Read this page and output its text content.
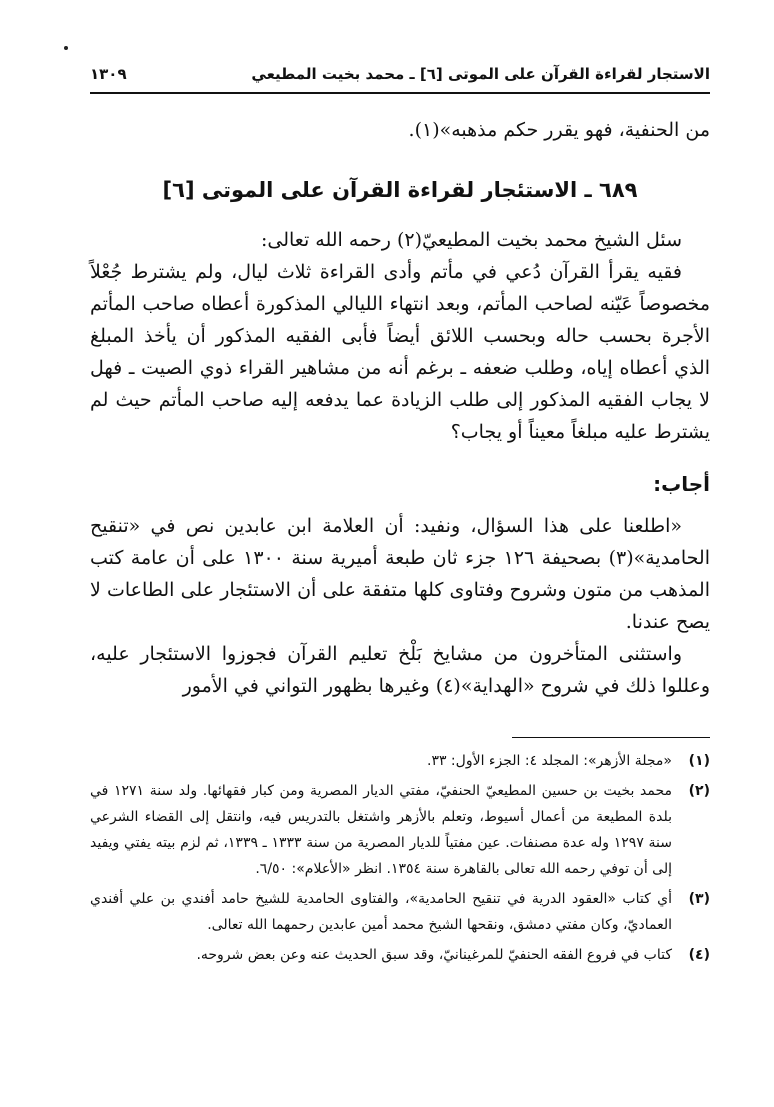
الاستجار لقراءة القرآن على الموتى [٦] ـ محمد بخيت المطيعي
١٣٠٩

من الحنفية، فهو يقرر حكم مذهبه»(١).

٦٨٩ ـ الاستئجار لقراءة القرآن على الموتى [٦]

سئل الشيخ محمد بخيت المطيعيّ(٢) رحمه الله تعالى:

فقيه يقرأ القرآن دُعي في مأتم وأدى القراءة ثلاث ليال، ولم يشترط جُعْلاً مخصوصاً عَيّنه لصاحب المأتم، وبعد انتهاء الليالي المذكورة أعطاه صاحب المأتم الأجرة بحسب حاله وبحسب اللائق أيضاً فأبى الفقيه المذكور أن يأخذ المبلغ الذي أعطاه إياه، وطلب ضعفه ـ برغم أنه من مشاهير القراء ذوي الصيت ـ فهل لا يجاب الفقيه المذكور إلى طلب الزيادة عما يدفعه إليه صاحب المأتم حيث لم يشترط عليه مبلغاً معيناً أو يجاب؟

أجاب:

«اطلعنا على هذا السؤال، ونفيد: أن العلامة ابن عابدين نص في «تنقيح الحامدية»(٣) بصحيفة ١٢٦ جزء ثان طبعة أميرية سنة ١٣٠٠ على أن عامة كتب المذهب من متون وشروح وفتاوى كلها متفقة على أن الاستئجار على الطاعات لا يصح عندنا.

واستثنى المتأخرون من مشايخ بَلْخ تعليم القرآن فجوزوا الاستئجار عليه، وعللوا ذلك في شروح «الهداية»(٤) وغيرها بظهور التواني في الأمور

(١)
«مجلة الأزهر»: المجلد ٤: الجزء الأول: ٣٣.
(٢)
محمد بخيت بن حسين المطيعيّ الحنفيّ، مفتي الديار المصرية ومن كبار فقهائها. ولد سنة ١٢٧١ في بلدة المطيعة من أعمال أسيوط، وتعلم بالأزهر واشتغل بالتدريس فيه، وانتقل إلى القضاء الشرعي سنة ١٢٩٧ وله عدة مصنفات. عين مفتياً للديار المصرية من سنة ١٣٣٣ ـ ١٣٣٩، ثم لزم بيته يفتي ويفيد إلى أن توفي رحمه الله تعالى بالقاهرة سنة ١٣٥٤. انظر «الأعلام»: ٦/٥٠.
(٣)
أي كتاب «العقود الدرية في تنقيح الحامدية»، والفتاوى الحامدية للشيخ حامد أفندي بن علي أفندي العماديّ، وكان مفتي دمشق، ونقحها الشيخ محمد أمين عابدين رحمهما الله تعالى.
(٤)
كتاب في فروع الفقه الحنفيّ للمرغينانيّ، وقد سبق الحديث عنه وعن بعض شروحه.
